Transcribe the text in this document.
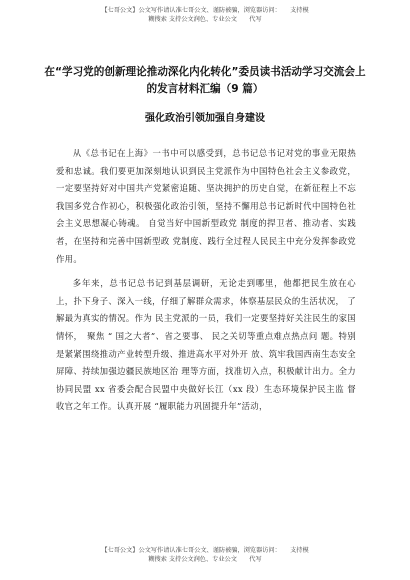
【七哥公文】公文写作请认准七哥公文、谨防被骗，浏览器访问：　　支持模
糊搜索 支持公文润色、专业公文　　代写
在“学习党的创新理论推动深化内化转化”委员读书活动学习交流会上的发言材料汇编（9 篇）
强化政治引领加强自身建设

从《总书记在上海》一书中可以感受到，总书记总书记对党的事业无限热爱和忠诚。我们要更加深刻地认识到民主党派作为中国特色社会主义参政党，一定要坚持好对中国共产党紧密追随、坚决拥护的历史自觉，在新征程上不忘我国多党合作初心，积极强化政治引领，坚持不懈用总书记新时代中国特色社会主义思想凝心铸魂。 自觉当好中国新型政党 制度的捍卫者、推动者、实践者，在坚持和完善中国新型政 党制度、践行全过程人民民主中充分发挥参政党作用。

多年来，总书记总书记到基层调研，无论走到哪里，他都把民生放在心上，扑下身子、深入一线，仔细了解群众需求，体察基层民众的生活状况， 了解最为真实的情况。作为 民主党派的一员，我们一定要坚持好关注民生的家国情怀，　聚焦 “ 国之大者”、省之要事、 民之关切等重点难点热点问 题。特别是紧紧围绕推动产业转型升级、推进高水平对外开 放、筑牢我国西南生态安全屏障、持续加强边疆民族地区治 理等方面，找准切入点，积极献计出力。全力协同民盟 xx 省委会配合民盟中央做好长江（xx 段）生态环境保护民主监 督收官之年工作。认真开展 “履职能力巩固提升年”活动，

【七哥公文】公文写作请认准七哥公文、谨防被骗，浏览器访问：　　支持模
糊搜索 支持公文润色、专业公文　　代写
